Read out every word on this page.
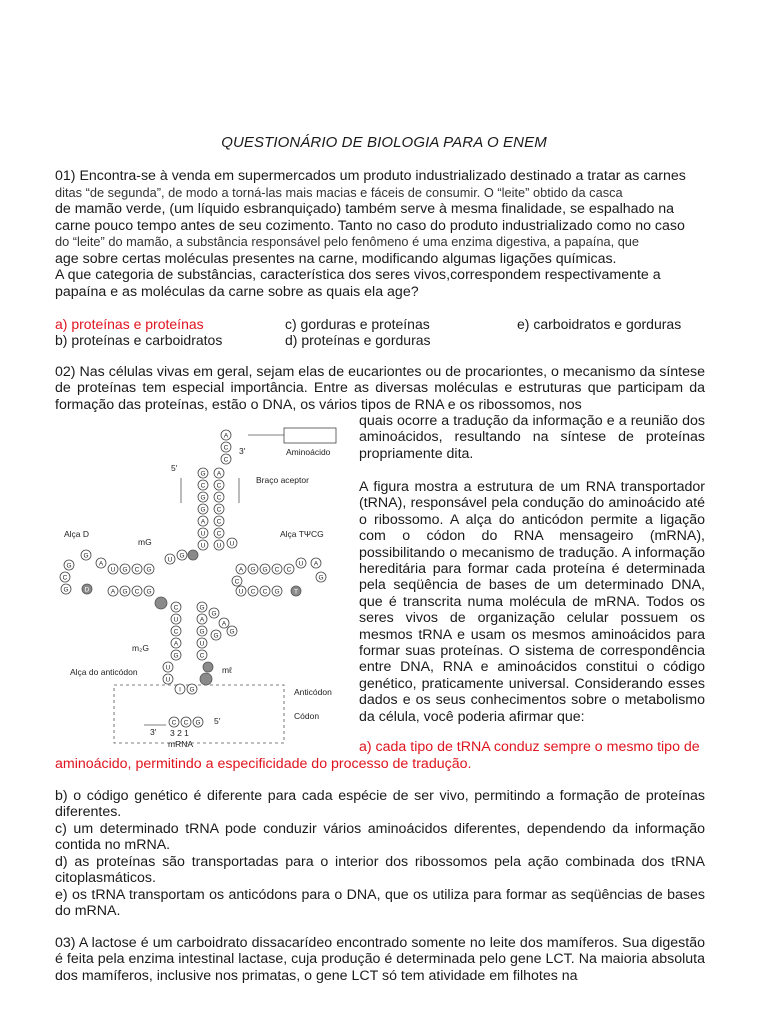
QUESTIONÁRIO DE BIOLOGIA PARA O ENEM

01) Encontra-se à venda em supermercados um produto industrializado destinado a tratar as carnes
ditas “de segunda”, de modo a torná-las mais macias e fáceis de consumir. O “leite” obtido da casca
de mamão verde, (um líquido esbranquiçado) também serve à mesma finalidade, se espalhado na
carne pouco tempo antes de seu cozimento. Tanto no caso do produto industrializado como no caso
do “leite” do mamão, a substância responsável pelo fenômeno é uma enzima digestiva, a papaína, que
age sobre certas moléculas presentes na carne, modificando algumas ligações químicas.
A que categoria de substâncias, característica dos seres vivos,correspondem respectivamente a
papaína e as moléculas da carne sobre as quais ela age?

a) proteínas e proteínas
b) proteínas e carboidratos
c) gorduras e proteínas
d) proteínas e gorduras
e) carboidratos e gorduras

02) Nas células vivas em geral, sejam elas de eucariontes ou de procariontes, o mecanismo da síntese de proteínas tem especial importância. Entre as diversas moléculas e estruturas que participam da formação das proteínas, estão o DNA, os vários tipos de RNA e os ribossomos, nos

quais ocorre a tradução da informação e a reunião dos aminoácidos, resultando na síntese de proteínas propriamente dita.

A figura mostra a estrutura de um RNA transportador (tRNA), responsável pela condução do aminoácido até o ribossomo. A alça do anticódon permite a ligação com o códon do RNA mensageiro (mRNA), possibilitando o mecanismo de tradução. A informação hereditária para formar cada proteína é determinada pela seqüência de bases de um determinado DNA, que é transcrita numa molécula de mRNA. Todos os seres vivos de organização celular possuem os mesmos tRNA e usam os mesmos aminoácidos para formar suas proteínas. O sistema de correspondência entre DNA, RNA e aminoácidos constitui o código genético, praticamente universal. Considerando esses dados e os seus conhecimentos sobre o metabolismo da célula, você poderia afirmar que:

a) cada tipo de tRNA conduz sempre o mesmo tipo de

aminoácido, permitindo a especificidade do processo de tradução.

b) o código genético é diferente para cada espécie de ser vivo, permitindo a formação de proteínas diferentes.

c) um determinado tRNA pode conduzir vários aminoácidos diferentes, dependendo da informação contida no mRNA.

d) as proteínas são transportadas para o interior dos ribossomos pela ação combinada dos tRNA citoplasmáticos.

e) os tRNA transportam os anticódons para o DNA, que os utiliza para formar as seqüências de bases do mRNA.

A
C
C
A
C
C
C
C
C
U
G
C
G
G
A
U
U
G
U
G
C
G
U
A
G
C
G
A
G
C
G
G
A G G C C
U
U C C G
A
G
U
C
C
U
C
A
G
G
A
G
U
C
G
A
G
G
U
U
I G
C C G
D	T
Aminoácido
Braço aceptor
Alça D	Alça TΨCG
Alça do anticódon
Anticódon
Códon
mRNA
5′
3′
mG
m₂G
mℓ
3′ 3 2 1
5′

03) A lactose é um carboidrato dissacarídeo encontrado somente no leite dos mamíferos. Sua digestão é feita pela enzima intestinal lactase, cuja produção é determinada pelo gene LCT. Na maioria absoluta dos mamíferos, inclusive nos primatas, o gene LCT só tem atividade em filhotes na
